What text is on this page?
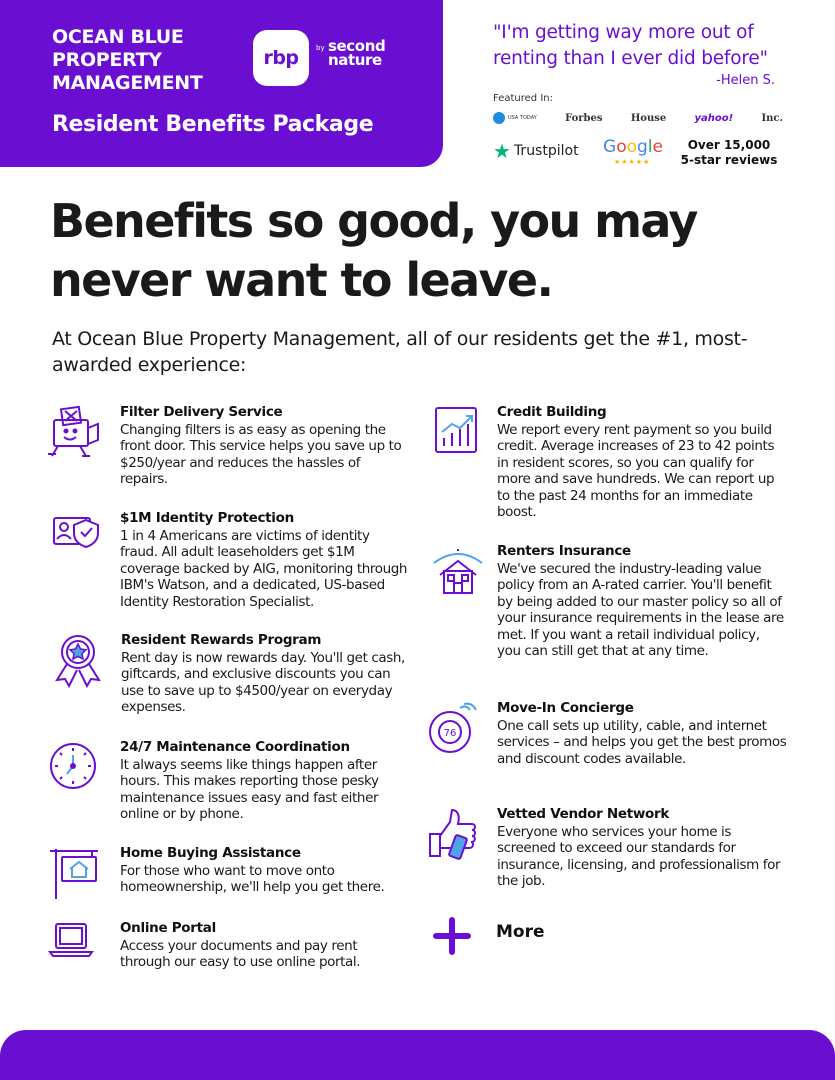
OCEAN BLUE
PROPERTY
MANAGEMENT
rbp by second nature
Resident Benefits Package
"I'm getting way more out of renting than I ever did before"
-Helen S.
Featured In:
USA TODAY	Forbes	House	yahoo!	Inc.
★ Trustpilot Google
★★★★★
Over 15,000 5-star reviews
Benefits so good, you may never want to leave.
At Ocean Blue Property Management, all of our residents get the #1, most-awarded experience:
Filter Delivery Service
Changing filters is as easy as opening the front door. This service helps you save up to $250/year and reduces the hassles of repairs.
$1M Identity Protection
1 in 4 Americans are victims of identity fraud. All adult leaseholders get $1M coverage backed by AIG, monitoring through IBM's Watson, and a dedicated, US-based Identity Restoration Specialist.
Resident Rewards Program
Rent day is now rewards day. You'll get cash, giftcards, and exclusive discounts you can use to save up to $4500/year on everyday expenses.
24/7 Maintenance Coordination
It always seems like things happen after hours. This makes reporting those pesky maintenance issues easy and fast either online or by phone.
Home Buying Assistance
For those who want to move onto homeownership, we'll help you get there.
Online Portal
Access your documents and pay rent through our easy to use online portal.
Credit Building
We report every rent payment so you build credit. Average increases of 23 to 42 points in resident scores, so you can qualify for more and save hundreds. We can report up to the past 24 months for an immediate boost.
Renters Insurance
We've secured the industry-leading value policy from an A-rated carrier. You'll benefit by being added to our master policy so all of your insurance requirements in the lease are met. If you want a retail individual policy, you can still get that at any time.
76
Move-In Concierge
One call sets up utility, cable, and internet services – and helps you get the best promos and discount codes available.
Vetted Vendor Network
Everyone who services your home is screened to exceed our standards for insurance, licensing, and professionalism for the job.
More
